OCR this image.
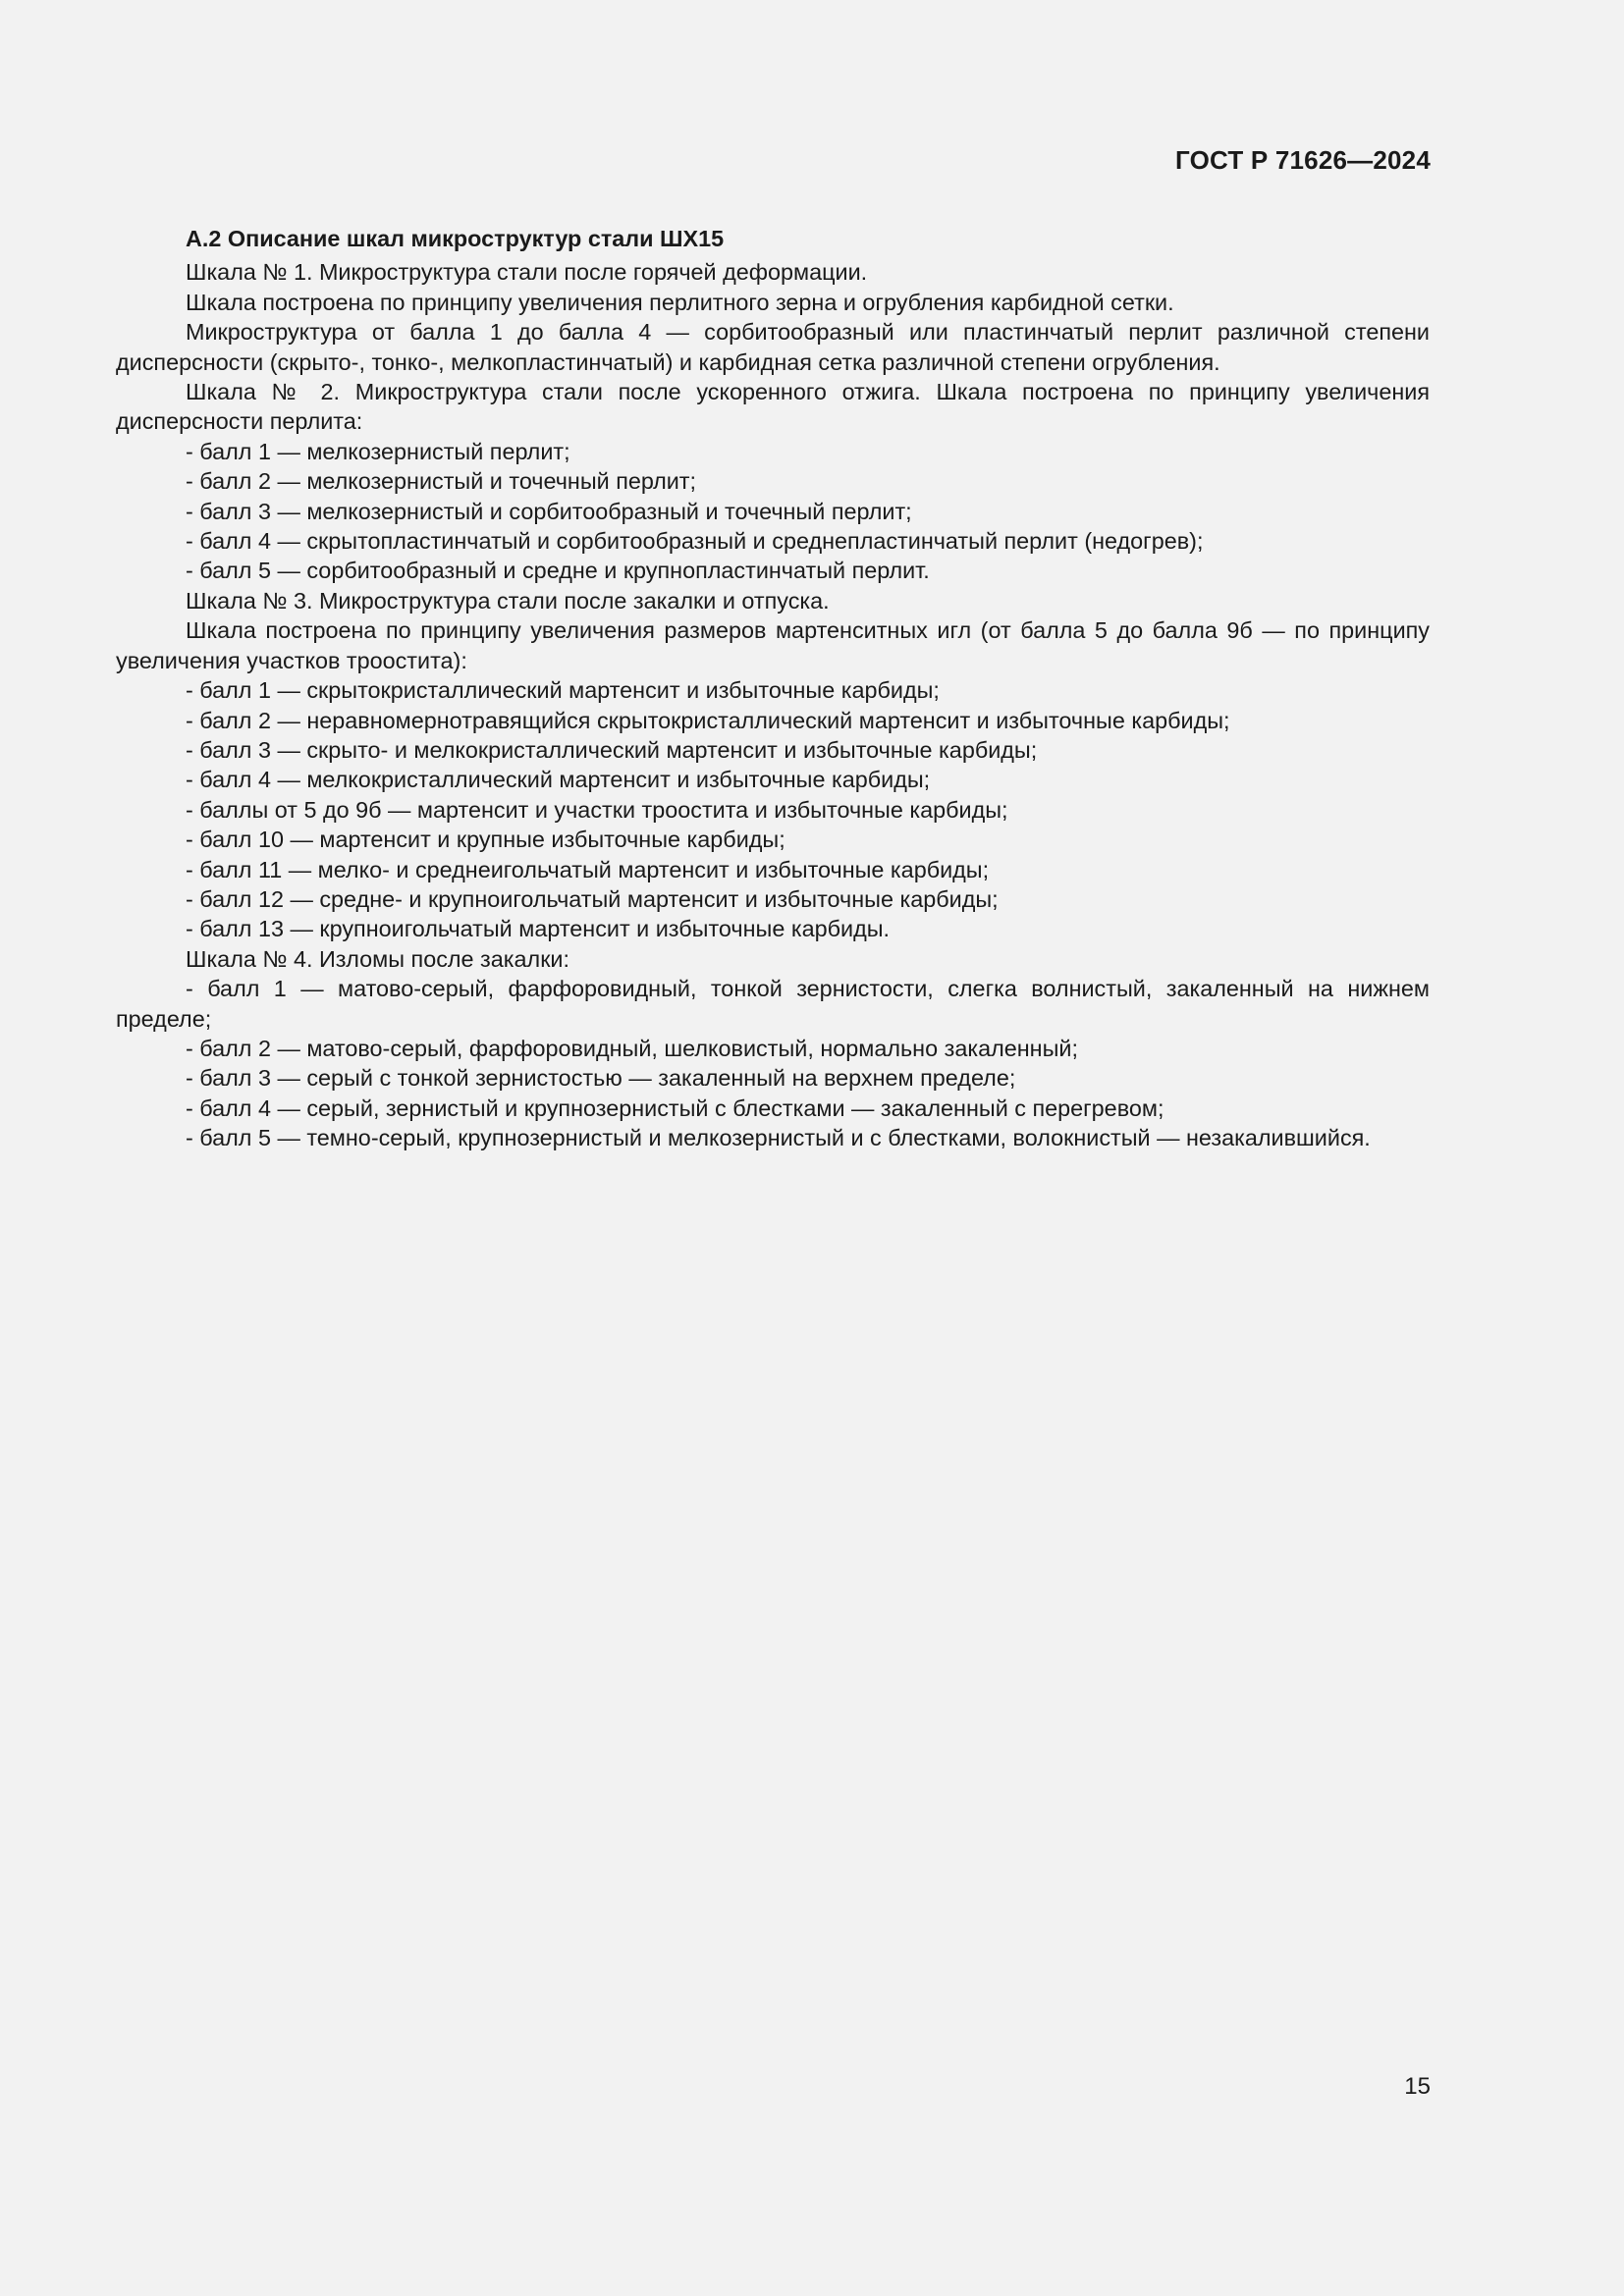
ГОСТ Р 71626—2024

А.2 Описание шкал микроструктур стали ШХ15

Шкала № 1. Микроструктура стали после горячей деформации.

Шкала построена по принципу увеличения перлитного зерна и огрубления карбидной сетки.

Микроструктура от балла 1 до балла 4 — сорбитообразный или пластинчатый перлит различной степени дисперсности (скрыто-, тонко-, мелкопластинчатый) и карбидная сетка различной степени огрубления.

Шкала № 2. Микроструктура стали после ускоренного отжига. Шкала построена по принципу увеличения дисперсности перлита:

- балл 1 — мелкозернистый перлит;

- балл 2 — мелкозернистый и точечный перлит;

- балл 3 — мелкозернистый и сорбитообразный и точечный перлит;

- балл 4 — скрытопластинчатый и сорбитообразный и среднепластинчатый перлит (недогрев);

- балл 5 — сорбитообразный и средне и крупнопластинчатый перлит.

Шкала № 3. Микроструктура стали после закалки и отпуска.

Шкала построена по принципу увеличения размеров мартенситных игл (от балла 5 до балла 9б — по принципу увеличения участков троостита):

- балл 1 — скрытокристаллический мартенсит и избыточные карбиды;

- балл 2 — неравномернотравящийся скрытокристаллический мартенсит и избыточные карбиды;

- балл 3 — скрыто- и мелкокристаллический мартенсит и избыточные карбиды;

- балл 4 — мелкокристаллический мартенсит и избыточные карбиды;

- баллы от 5 до 9б — мартенсит и участки троостита и избыточные карбиды;

- балл 10 — мартенсит и крупные избыточные карбиды;

- балл 11 — мелко- и среднеигольчатый мартенсит и избыточные карбиды;

- балл 12 — средне- и крупноигольчатый мартенсит и избыточные карбиды;

- балл 13 — крупноигольчатый мартенсит и избыточные карбиды.

Шкала № 4. Изломы после закалки:

- балл 1 — матово-серый, фарфоровидный, тонкой зернистости, слегка волнистый, закаленный на нижнем пределе;

- балл 2 — матово-серый, фарфоровидный, шелковистый, нормально закаленный;

- балл 3 — серый с тонкой зернистостью — закаленный на верхнем пределе;

- балл 4 — серый, зернистый и крупнозернистый с блестками — закаленный с перегревом;

- балл 5 — темно-серый, крупнозернистый и мелкозернистый и с блестками, волокнистый — незакалившийся.

15
